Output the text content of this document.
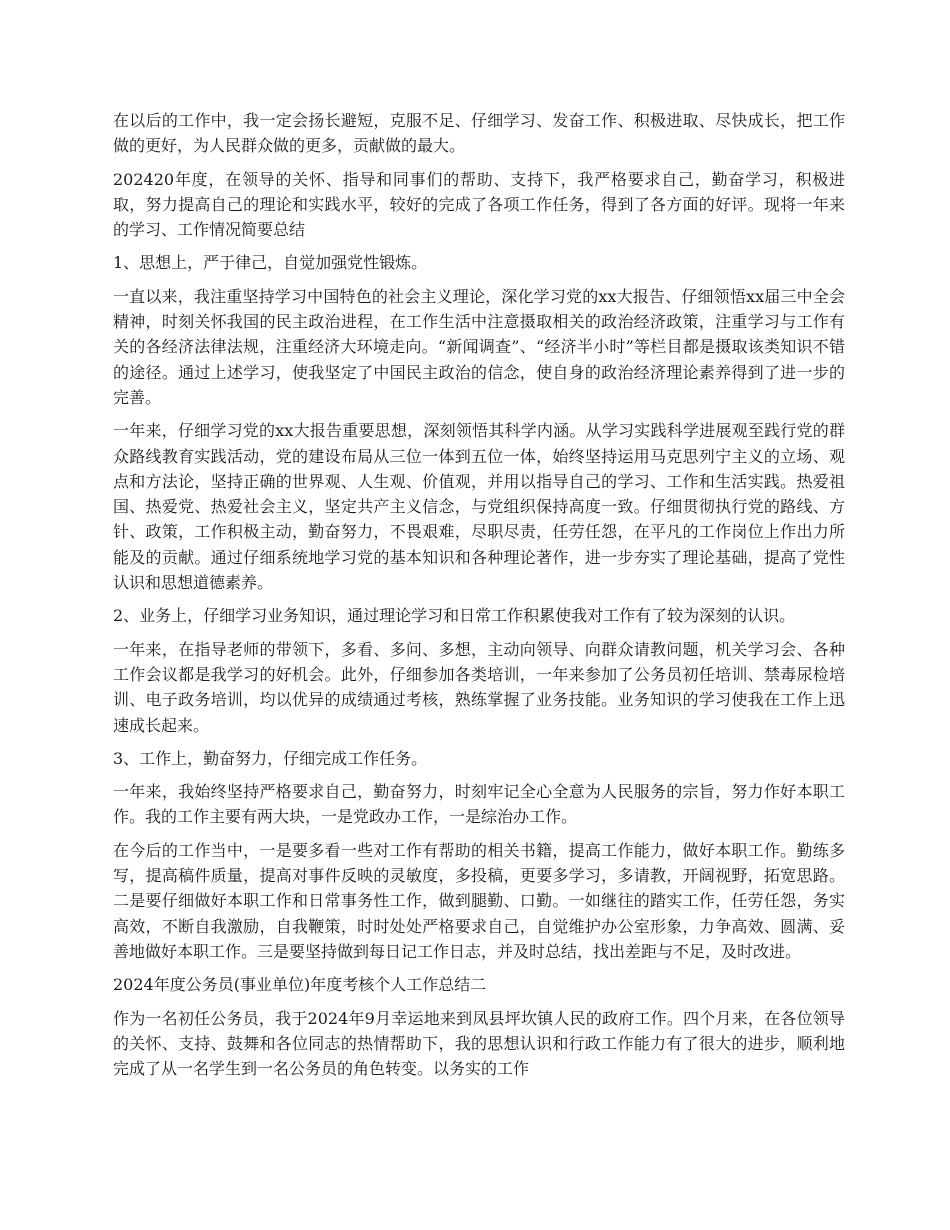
在以后的工作中，我一定会扬长避短，克服不足、仔细学习、发奋工作、积极进取、尽快成长，把工作做的更好，为人民群众做的更多，贡献做的最大。

202420年度，在领导的关怀、指导和同事们的帮助、支持下，我严格要求自己，勤奋学习，积极进取，努力提高自己的理论和实践水平，较好的完成了各项工作任务，得到了各方面的好评。现将一年来的学习、工作情况简要总结

1、思想上，严于律己，自觉加强党性锻炼。

一直以来，我注重坚持学习中国特色的社会主义理论，深化学习党的xx大报告、仔细领悟xx届三中全会精神，时刻关怀我国的民主政治进程，在工作生活中注意摄取相关的政治经济政策，注重学习与工作有关的各经济法律法规，注重经济大环境走向。“新闻调查”、“经济半小时”等栏目都是摄取该类知识不错的途径。通过上述学习，使我坚定了中国民主政治的信念，使自身的政治经济理论素养得到了进一步的完善。

一年来，仔细学习党的xx大报告重要思想，深刻领悟其科学内涵。从学习实践科学进展观至践行党的群众路线教育实践活动，党的建设布局从三位一体到五位一体，始终坚持运用马克思列宁主义的立场、观点和方法论，坚持正确的世界观、人生观、价值观，并用以指导自己的学习、工作和生活实践。热爱祖国、热爱党、热爱社会主义，坚定共产主义信念，与党组织保持高度一致。仔细贯彻执行党的路线、方针、政策，工作积极主动，勤奋努力，不畏艰难，尽职尽责，任劳任怨，在平凡的工作岗位上作出力所能及的贡献。通过仔细系统地学习党的基本知识和各种理论著作，进一步夯实了理论基础，提高了党性认识和思想道德素养。

2、业务上，仔细学习业务知识，通过理论学习和日常工作积累使我对工作有了较为深刻的认识。

一年来，在指导老师的带领下，多看、多问、多想，主动向领导、向群众请教问题，机关学习会、各种工作会议都是我学习的好机会。此外，仔细参加各类培训，一年来参加了公务员初任培训、禁毒尿检培训、电子政务培训，均以优异的成绩通过考核，熟练掌握了业务技能。业务知识的学习使我在工作上迅速成长起来。

3、工作上，勤奋努力，仔细完成工作任务。

一年来，我始终坚持严格要求自己，勤奋努力，时刻牢记全心全意为人民服务的宗旨，努力作好本职工作。我的工作主要有两大块，一是党政办工作，一是综治办工作。

在今后的工作当中，一是要多看一些对工作有帮助的相关书籍，提高工作能力，做好本职工作。勤练多写，提高稿件质量，提高对事件反映的灵敏度，多投稿，更要多学习，多请教，开阔视野，拓宽思路。二是要仔细做好本职工作和日常事务性工作，做到腿勤、口勤。一如继往的踏实工作，任劳任怨，务实高效，不断自我激励，自我鞭策，时时处处严格要求自己，自觉维护办公室形象，力争高效、圆满、妥善地做好本职工作。三是要坚持做到每日记工作日志，并及时总结，找出差距与不足，及时改进。

2024年度公务员(事业单位)年度考核个人工作总结二

作为一名初任公务员，我于2024年9月幸运地来到凤县坪坎镇人民的政府工作。四个月来，在各位领导的关怀、支持、鼓舞和各位同志的热情帮助下，我的思想认识和行政工作能力有了很大的进步，顺利地完成了从一名学生到一名公务员的角色转变。以务实的工作
